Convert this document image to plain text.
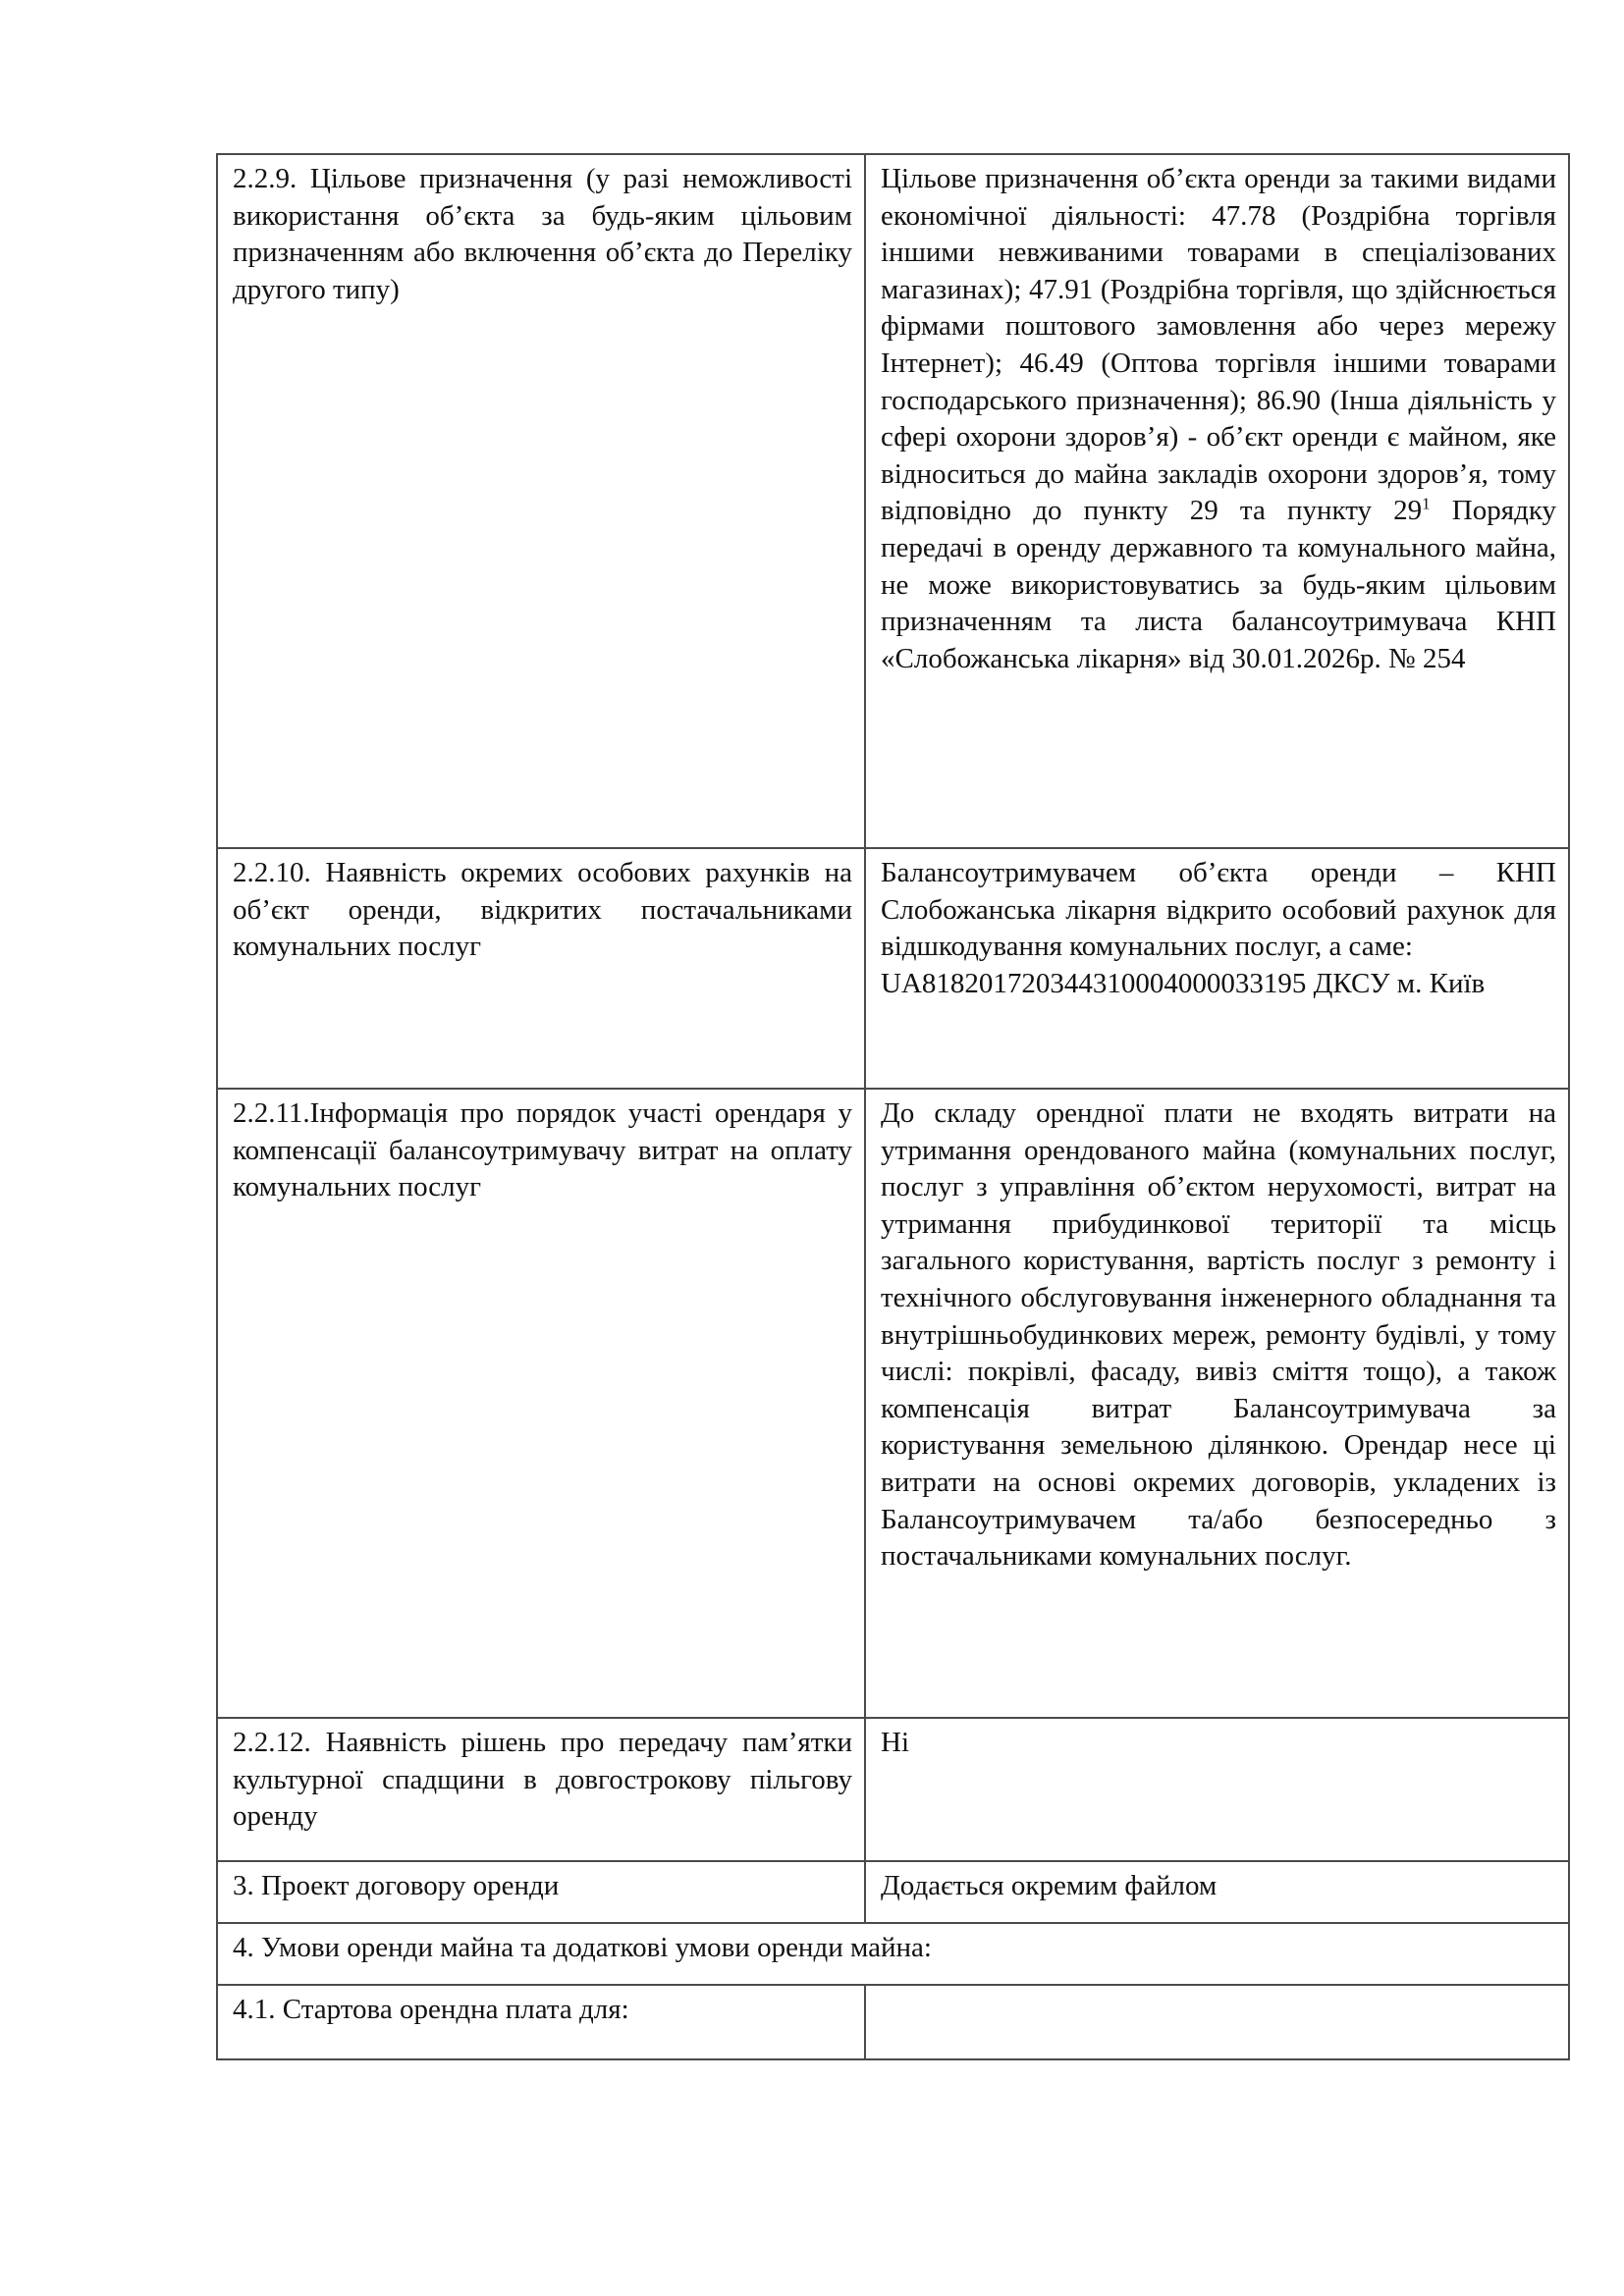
2.2.9. Цільове призначення (у разі неможливості використання об’єкта за будь-яким цільовим призначенням або включення об’єкта до Переліку другого типу)	Цільове призначення об’єкта оренди за такими видами економічної діяльності: 47.78 (Роздрібна торгівля іншими невживаними товарами в спеціалізованих магазинах); 47.91 (Роздрібна торгівля, що здійснюється фірмами поштового замовлення або через мережу Інтернет); 46.49 (Оптова торгівля іншими товарами господарського призначення); 86.90 (Інша діяльність у сфері охорони здоров’я) - об’єкт оренди є майном, яке відноситься до майна закладів охорони здоров’я, тому відповідно до пункту 29 та пункту $29^1$ Порядку передачі в оренду державного та комунального майна, не може використовуватись за будь-яким цільовим призначенням та листа балансоутримувача КНП «Слобожанська лікарня» від 30.01.2026р. № 254
2.2.10. Наявність окремих особових рахунків на об’єкт оренди, відкритих постачальниками комунальних послуг	Балансоутримувачем об’єкта оренди – КНП Слобожанська лікарня відкрито особовий рахунок для відшкодування комунальних послуг, а саме:
UA818201720344310004000033195 ДКСУ м. Київ
2.2.11.Інформація про порядок участі орендаря у компенсації балансоутримувачу витрат на оплату комунальних послуг	До складу орендної плати не входять витрати на утримання орендованого майна (комунальних послуг, послуг з управління об’єктом нерухомості, витрат на утримання прибудинкової території та місць загального користування, вартість послуг з ремонту і технічного обслуговування інженерного обладнання та внутрішньобудинкових мереж, ремонту будівлі, у тому числі: покрівлі, фасаду, вивіз сміття тощо), а також компенсація витрат Балансоутримувача за користування земельною ділянкою. Орендар несе ці витрати на основі окремих договорів, укладених із Балансоутримувачем та/або безпосередньо з постачальниками комунальних послуг.
2.2.12. Наявність рішень про передачу пам’ятки культурної спадщини в довгострокову пільгову оренду	Ні
3. Проект договору оренди	Додається окремим файлом
4. Умови оренди майна та додаткові умови оренди майна:	
4.1. Стартова орендна плата для:	
